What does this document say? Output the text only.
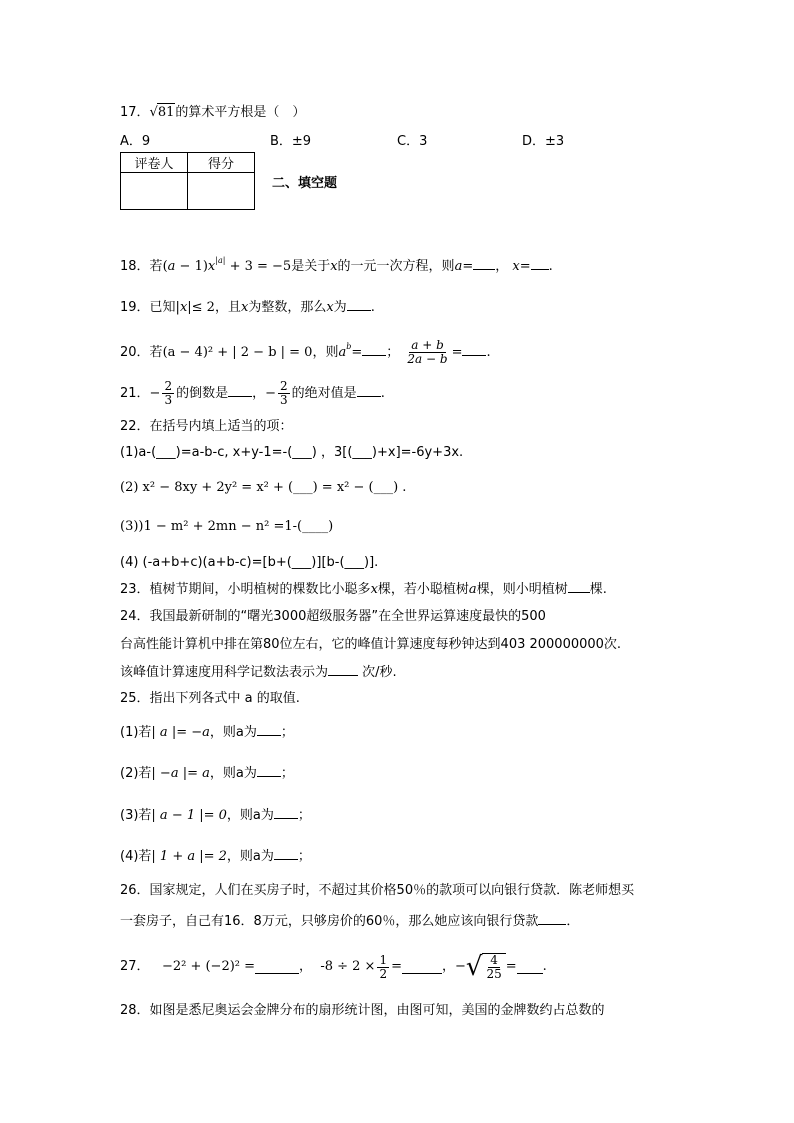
17．√81的算术平方根是（　）
A．9	B．±9	C．3	D．±3
评卷人	得分

二、填空题
18．若$(a - 1)x^{|a|} + 3 = -5$是关于x的一元一次方程，则a= ， x= .
19．已知|x|≤ 2，且x为整数，那么x为 .
20．若(a − 4)² + | 2 − b | = 0，则$a^b=$ ； $\frac{a + b}{2a - b}$ = .
21．− $\frac{2}{3}$ 的倒数是 ，− $\frac{2}{3}$ 的绝对值是 .
22．在括号内填上适当的项：
(1)a-(___)=a-b-c, x+y-1=-(___) ，3[(___)+x]=-6y+3x.
(2) x² − 8xy + 2y² = x² + (___) = x² − (___) .
(3))1 − m² + 2mn − n² =1-(____)
(4) (-a+b+c)(a+b-c)=[b+(___)][b-(___)].
23．植树节期间，小明植树的棵数比小聪多x棵，若小聪植树a棵，则小明植树 棵.
24．我国最新研制的“曙光3000超级服务器”在全世界运算速度最快的500
台高性能计算机中排在第80位左右，它的峰值计算速度每秒钟达到403 200000000次.
该峰值计算速度用科学记数法表示为	次/秒.
25．指出下列各式中 a 的取值.
(1)若| a |= −a，则a为 ；
(2)若| −a |= a，则a为 ；
(3)若| a − 1 |= 0，则a为 ；
(4)若| 1 + a |= 2，则a为 ；
26．国家规定，人们在买房子时，不超过其价格50％的款项可以向银行贷款．陈老师想买
一套房子，自己有16．8万元，只够房价的60％，那么她应该向银行贷款 ．
27．
−2² + (−2)² =	，
$-8 \div 2 \times \frac{1}{2}$ =	， − √ $\frac{4}{25}$ = .
28．如图是悉尼奥运会金牌分布的扇形统计图，由图可知，美国的金牌数约占总数的
